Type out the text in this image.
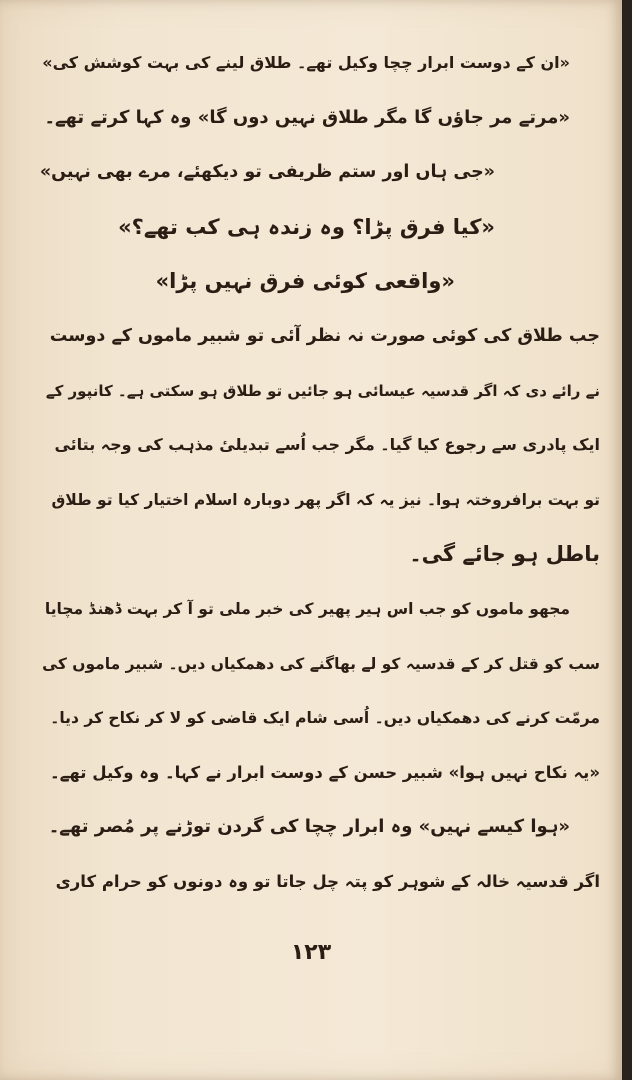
«ان کے دوست ابرار چچا وکیل تھے۔ طلاق لینے کی بہت کوشش کی»
«مرتے مر جاؤں گا مگر طلاق نہیں دوں گا» وہ کہا کرتے تھے۔
«جی ہاں اور ستم ظریفی تو دیکھئے، مرے بھی نہیں»
«کیا فرق پڑا؟ وہ زندہ ہی کب تھے؟»
«واقعی کوئی فرق نہیں پڑا»
جب طلاق کی کوئی صورت نہ نظر آئی تو شبیر ماموں کے دوست
نے رائے دی کہ اگر قدسیہ عیسائی ہو جائیں تو طلاق ہو سکتی ہے۔ کانپور کے
ایک پادری سے رجوع کیا گیا۔ مگر جب اُسے تبدیلیٔ مذہب کی وجہ بتائی
تو بہت برافروختہ ہوا۔ نیز یہ کہ اگر پھر دوبارہ اسلام اختیار کیا تو طلاق
باطل ہو جائے گی۔
مجھو ماموں کو جب اس ہیر پھیر کی خبر ملی تو آ کر بہت ڈھنڈ مچایا
سب کو قتل کر کے قدسیہ کو لے بھاگنے کی دھمکیاں دیں۔ شبیر ماموں کی
مرمّت کرنے کی دھمکیاں دیں۔ اُسی شام ایک قاضی کو لا کر نکاح کر دیا۔
«یہ نکاح نہیں ہوا» شبیر حسن کے دوست ابرار نے کہا۔ وہ وکیل تھے۔
«ہوا کیسے نہیں» وہ ابرار چچا کی گردن توڑنے پر مُصر تھے۔
اگر قدسیہ خالہ کے شوہر کو پتہ چل جاتا تو وہ دونوں کو حرام کاری
۱۲۳
